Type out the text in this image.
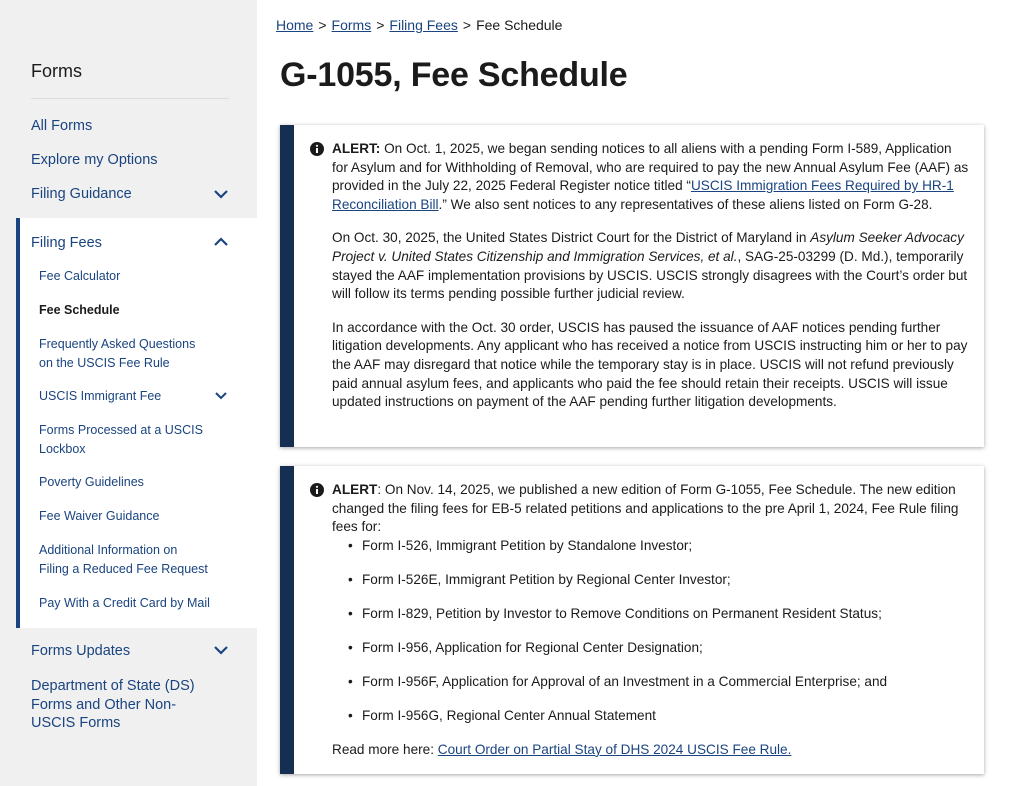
Forms
All Forms
Explore my Options
Filing Guidance
Filing Fees
Fee Calculator
Fee Schedule
Frequently Asked Questions on the USCIS Fee Rule
USCIS Immigrant Fee
Forms Processed at a USCIS Lockbox
Poverty Guidelines
Fee Waiver Guidance
Additional Information on Filing a Reduced Fee Request
Pay With a Credit Card by Mail
Forms Updates
Department of State (DS) Forms and Other Non-USCIS Forms
Home > Forms > Filing Fees > Fee Schedule
G-1055, Fee Schedule

ALERT: On Oct. 1, 2025, we began sending notices to all aliens with a pending Form I-589, Application for Asylum and for Withholding of Removal, who are required to pay the new Annual Asylum Fee (AAF) as provided in the July 22, 2025 Federal Register notice titled “USCIS Immigration Fees Required by HR-1 Reconciliation Bill.” We also sent notices to any representatives of these aliens listed on Form G-28.

On Oct. 30, 2025, the United States District Court for the District of Maryland in Asylum Seeker Advocacy Project v. United States Citizenship and Immigration Services, et al., SAG-25-03299 (D. Md.), temporarily stayed the AAF implementation provisions by USCIS. USCIS strongly disagrees with the Court’s order but will follow its terms pending possible further judicial review.

In accordance with the Oct. 30 order, USCIS has paused the issuance of AAF notices pending further litigation developments. Any applicant who has received a notice from USCIS instructing him or her to pay the AAF may disregard that notice while the temporary stay is in place. USCIS will not refund previously paid annual asylum fees, and applicants who paid the fee should retain their receipts. USCIS will issue updated instructions on payment of the AAF pending further litigation developments.

ALERT: On Nov. 14, 2025, we published a new edition of Form G-1055, Fee Schedule. The new edition changed the filing fees for EB-5 related petitions and applications to the pre April 1, 2024, Fee Rule filing fees for:

• Form I-526, Immigrant Petition by Standalone Investor;
• Form I-526E, Immigrant Petition by Regional Center Investor;
• Form I-829, Petition by Investor to Remove Conditions on Permanent Resident Status;
• Form I-956, Application for Regional Center Designation;
• Form I-956F, Application for Approval of an Investment in a Commercial Enterprise; and
• Form I-956G, Regional Center Annual Statement

Read more here: Court Order on Partial Stay of DHS 2024 USCIS Fee Rule.
